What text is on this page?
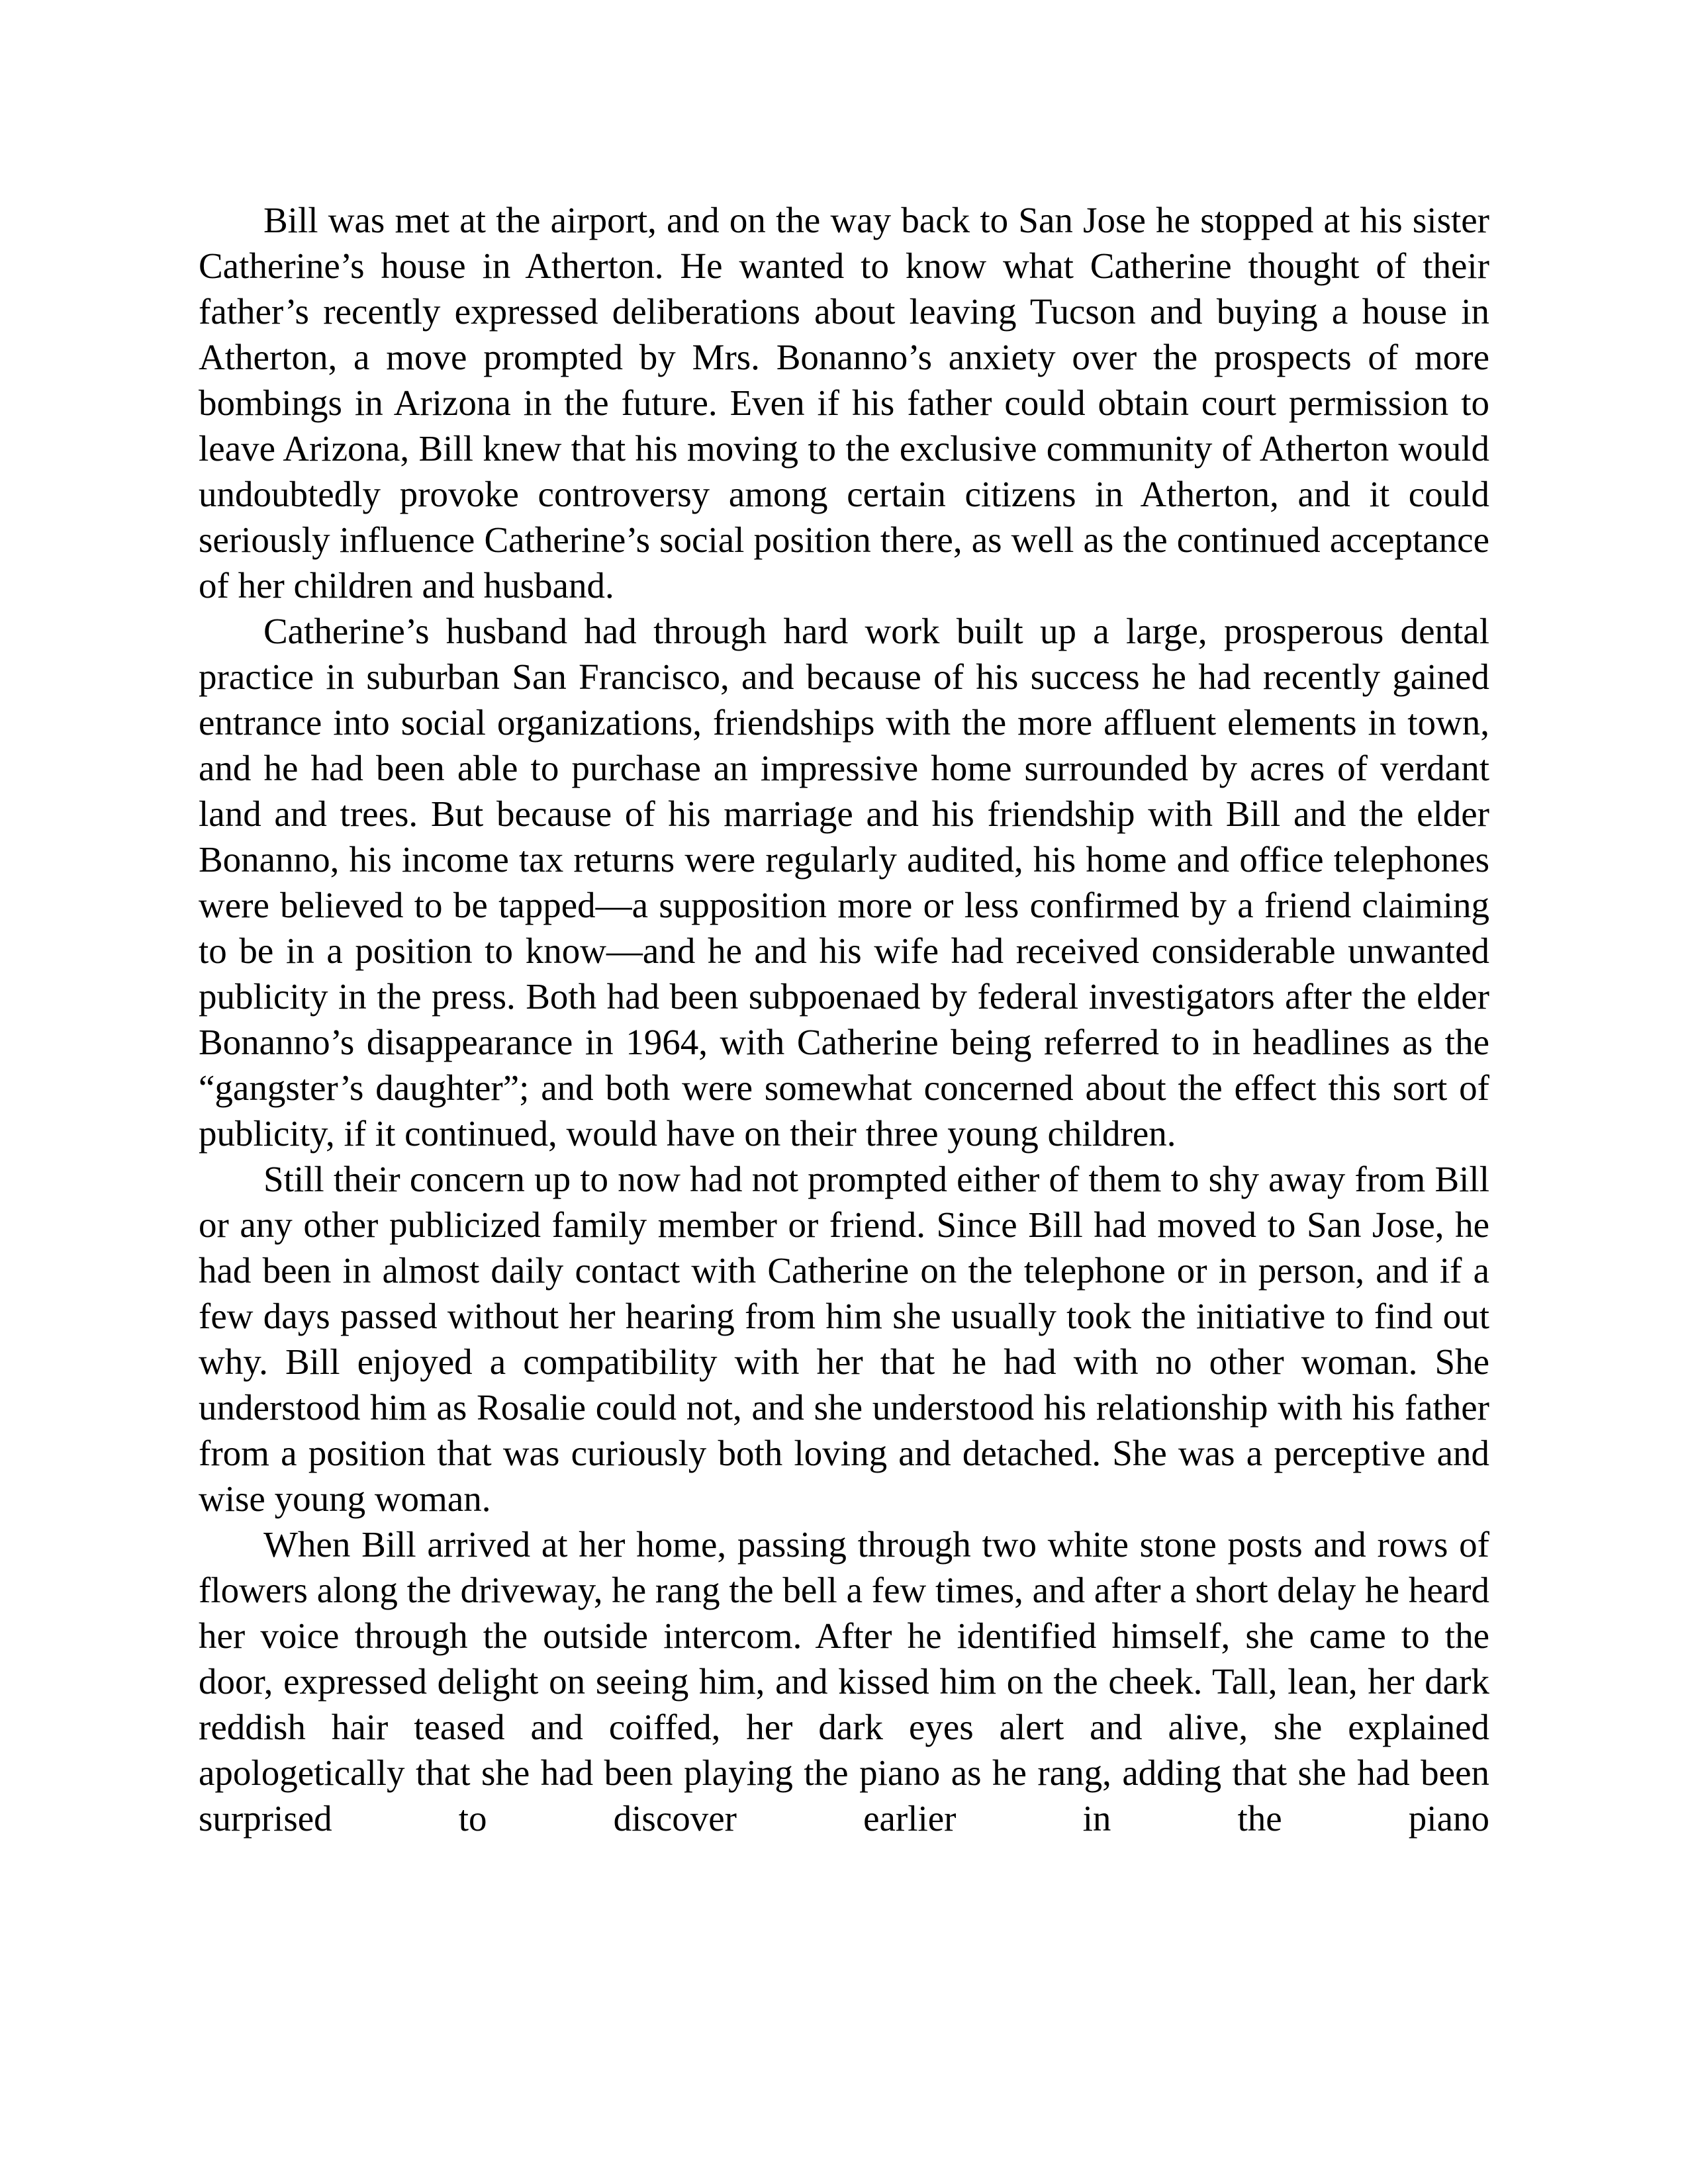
Bill was met at the airport, and on the way back to San Jose he stopped at his sister Catherine’s house in Atherton. He wanted to know what Catherine thought of their father’s recently expressed deliberations about leaving Tucson and buying a house in Atherton, a move prompted by Mrs. Bonanno’s anxiety over the prospects of more bombings in Arizona in the future. Even if his father could obtain court permission to leave Arizona, Bill knew that his moving to the exclusive community of Atherton would undoubtedly provoke controversy among certain citizens in Atherton, and it could seriously influence Catherine’s social position there, as well as the continued acceptance of her children and husband.

Catherine’s husband had through hard work built up a large, prosperous dental practice in suburban San Francisco, and because of his success he had recently gained entrance into social organizations, friendships with the more affluent elements in town, and he had been able to purchase an impressive home surrounded by acres of verdant land and trees. But because of his marriage and his friendship with Bill and the elder Bonanno, his income tax returns were regularly audited, his home and office telephones were believed to be tapped—a supposition more or less confirmed by a friend claiming to be in a position to know—and he and his wife had received considerable unwanted publicity in the press. Both had been subpoenaed by federal investigators after the elder Bonanno’s disappearance in 1964, with Catherine being referred to in headlines as the “gangster’s daughter”; and both were somewhat concerned about the effect this sort of publicity, if it continued, would have on their three young children.

Still their concern up to now had not prompted either of them to shy away from Bill or any other publicized family member or friend. Since Bill had moved to San Jose, he had been in almost daily contact with Catherine on the telephone or in person, and if a few days passed without her hearing from him she usually took the initiative to find out why. Bill enjoyed a compatibility with her that he had with no other woman. She understood him as Rosalie could not, and she understood his relationship with his father from a position that was curiously both loving and detached. She was a perceptive and wise young woman.

When Bill arrived at her home, passing through two white stone posts and rows of flowers along the driveway, he rang the bell a few times, and after a short delay he heard her voice through the outside intercom. After he identified himself, she came to the door, expressed delight on seeing him, and kissed him on the cheek. Tall, lean, her dark reddish hair teased and coiffed, her dark eyes alert and alive, she explained apologetically that she had been playing the piano as he rang, adding that she had been surprised to discover earlier in the piano
